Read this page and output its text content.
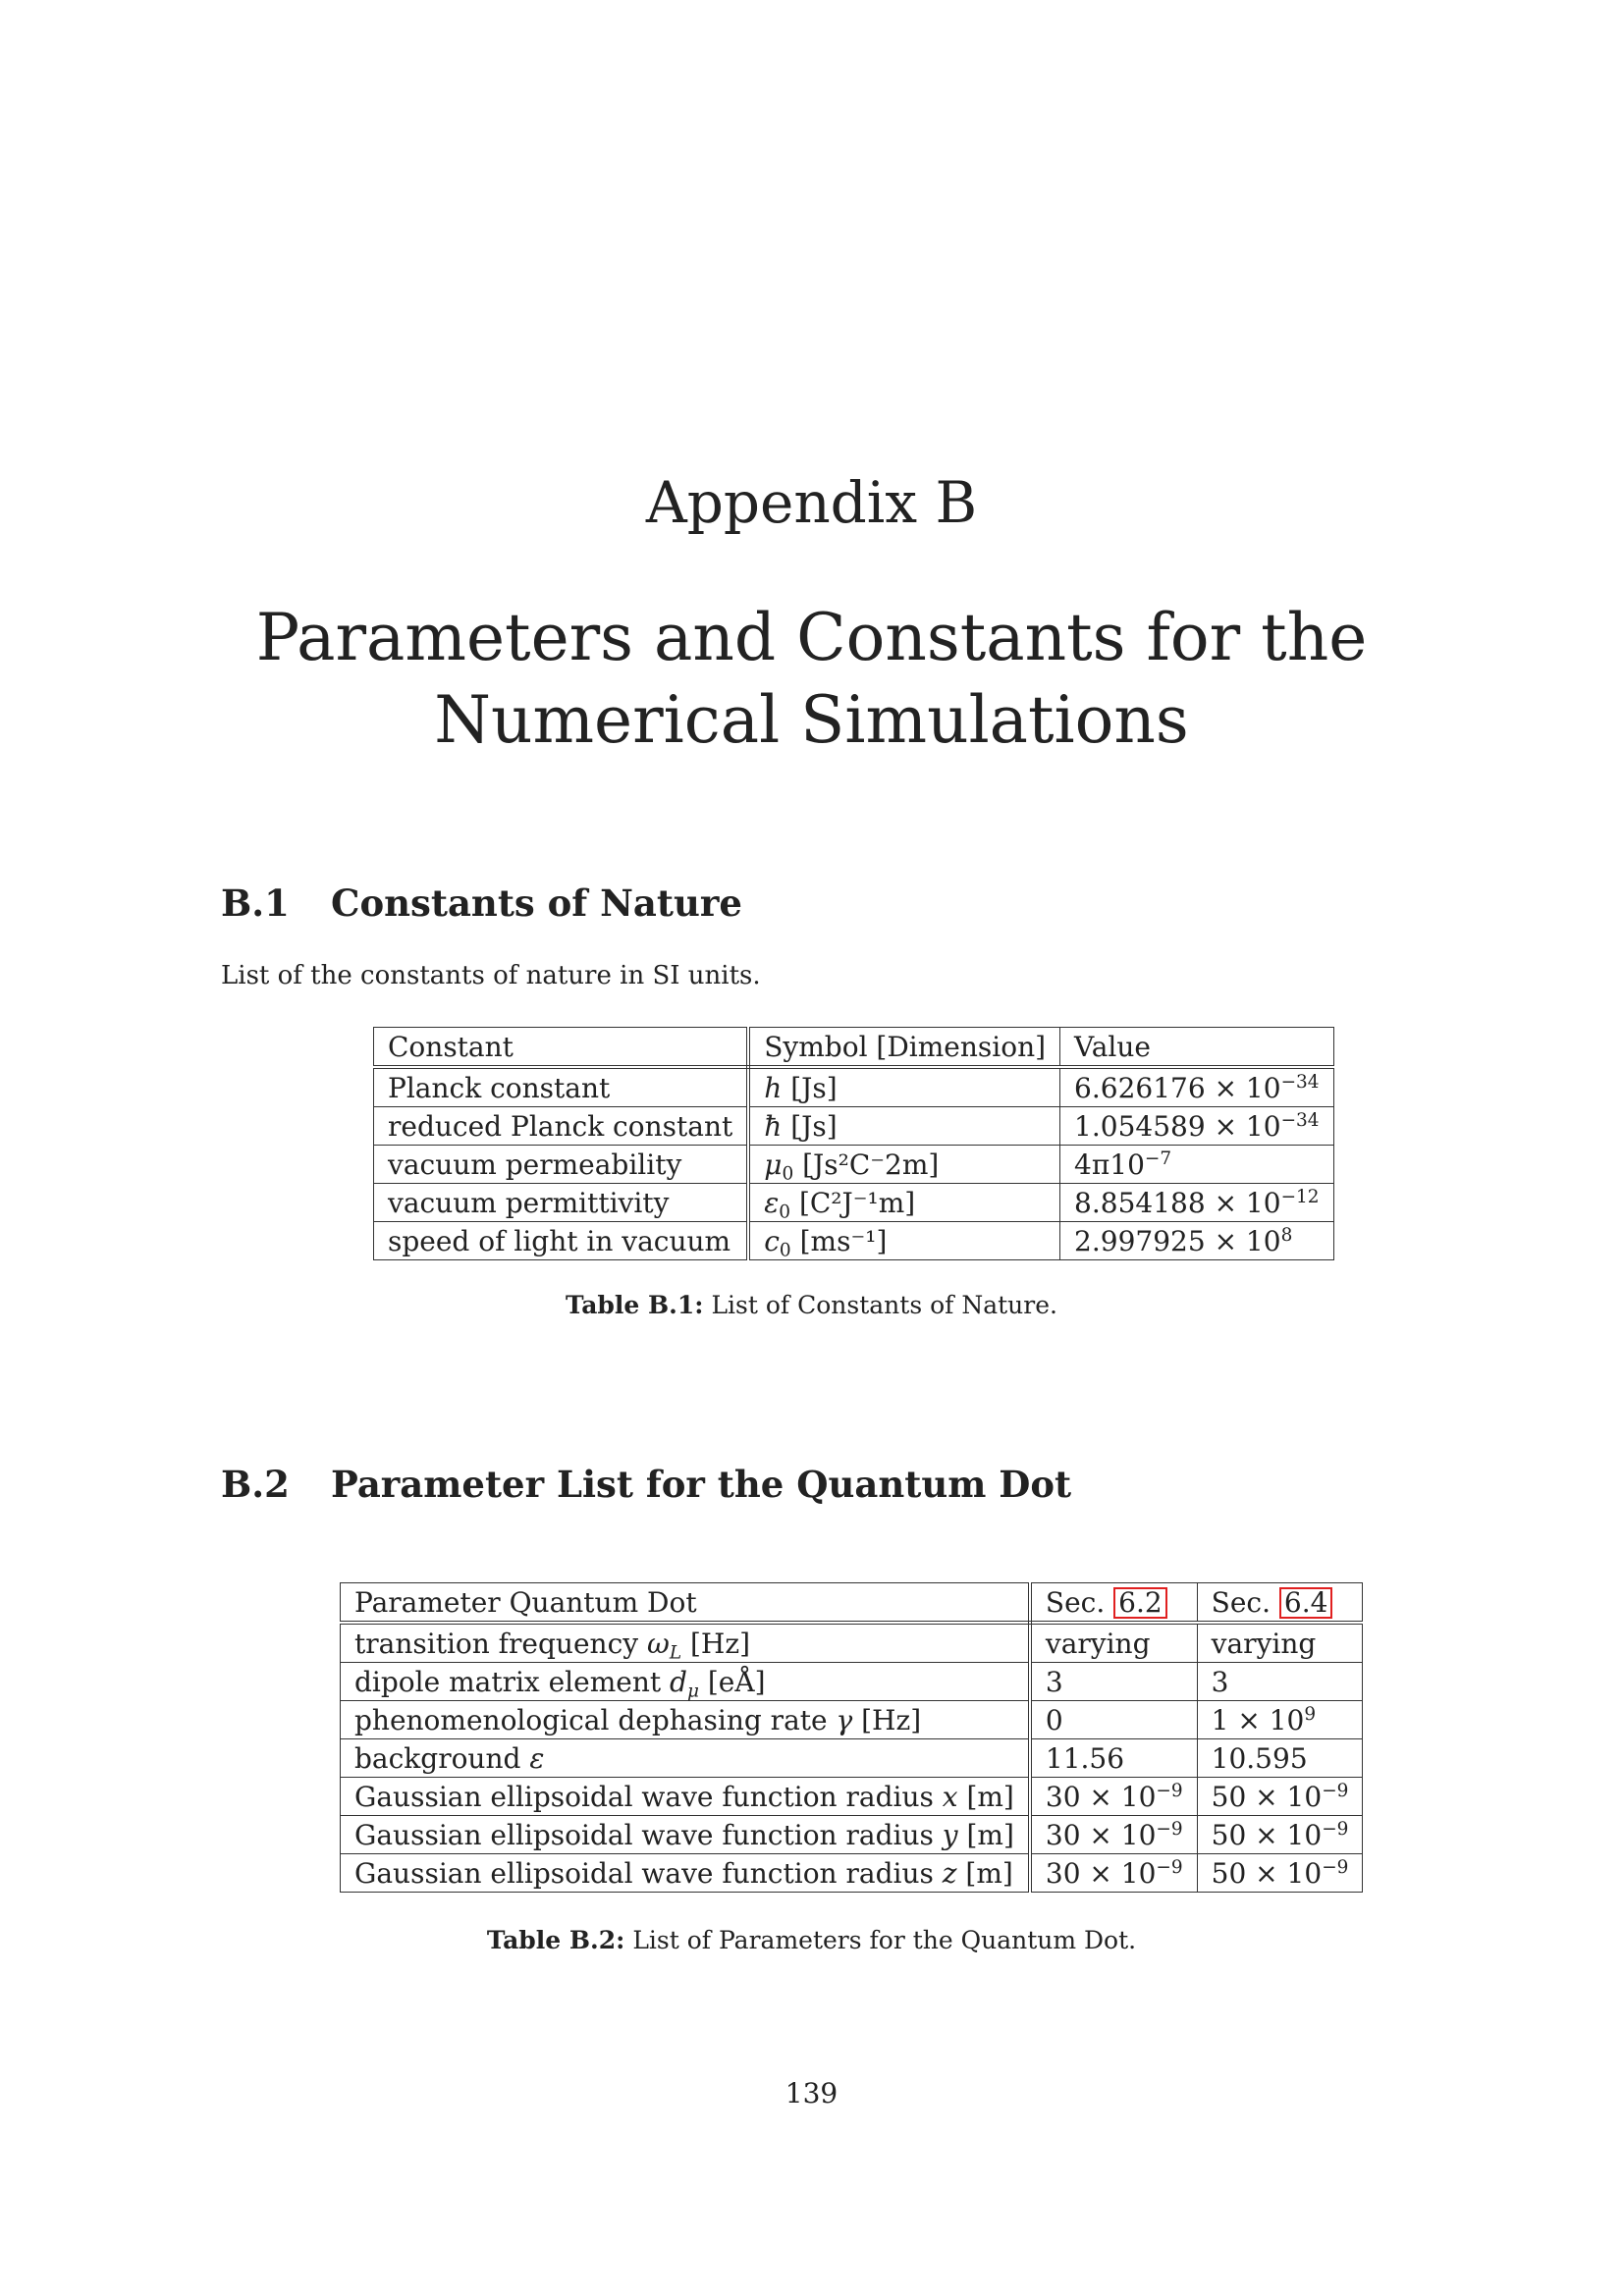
Appendix B
Parameters and Constants for the
Numerical Simulations
B.1 Constants of Nature
List of the constants of nature in SI units.
Constant	Symbol [Dimension]	Value
Planck constant	h [Js]	$6.626176 \times 10^{-34}$
reduced Planck constant	ħ [Js]	$1.054589 \times 10^{-34}$
vacuum permeability	$\mu_0$ [Js²C⁻2m]	$4\pi 10^{-7}$
vacuum permittivity	$\varepsilon_0$ [C²J⁻¹m]	$8.854188 \times 10^{-12}$
speed of light in vacuum	$c_0$ [ms⁻¹]	$2.997925 \times 10^8$
Table B.1: List of Constants of Nature.
B.2 Parameter List for the Quantum Dot
Parameter Quantum Dot	Sec. 6.2	Sec. 6.4
transition frequency $\omega_L$ [Hz]	varying	varying
dipole matrix element $d_\mu$ [eÅ]	3	3
phenomenological dephasing rate γ [Hz]	0	$1 \times 10^9$
background ε	11.56	10.595
Gaussian ellipsoidal wave function radius x [m]	$30 \times 10^{-9}$	$50 \times 10^{-9}$
Gaussian ellipsoidal wave function radius y [m]	$30 \times 10^{-9}$	$50 \times 10^{-9}$
Gaussian ellipsoidal wave function radius z [m]	$30 \times 10^{-9}$	$50 \times 10^{-9}$
Table B.2: List of Parameters for the Quantum Dot.
139
